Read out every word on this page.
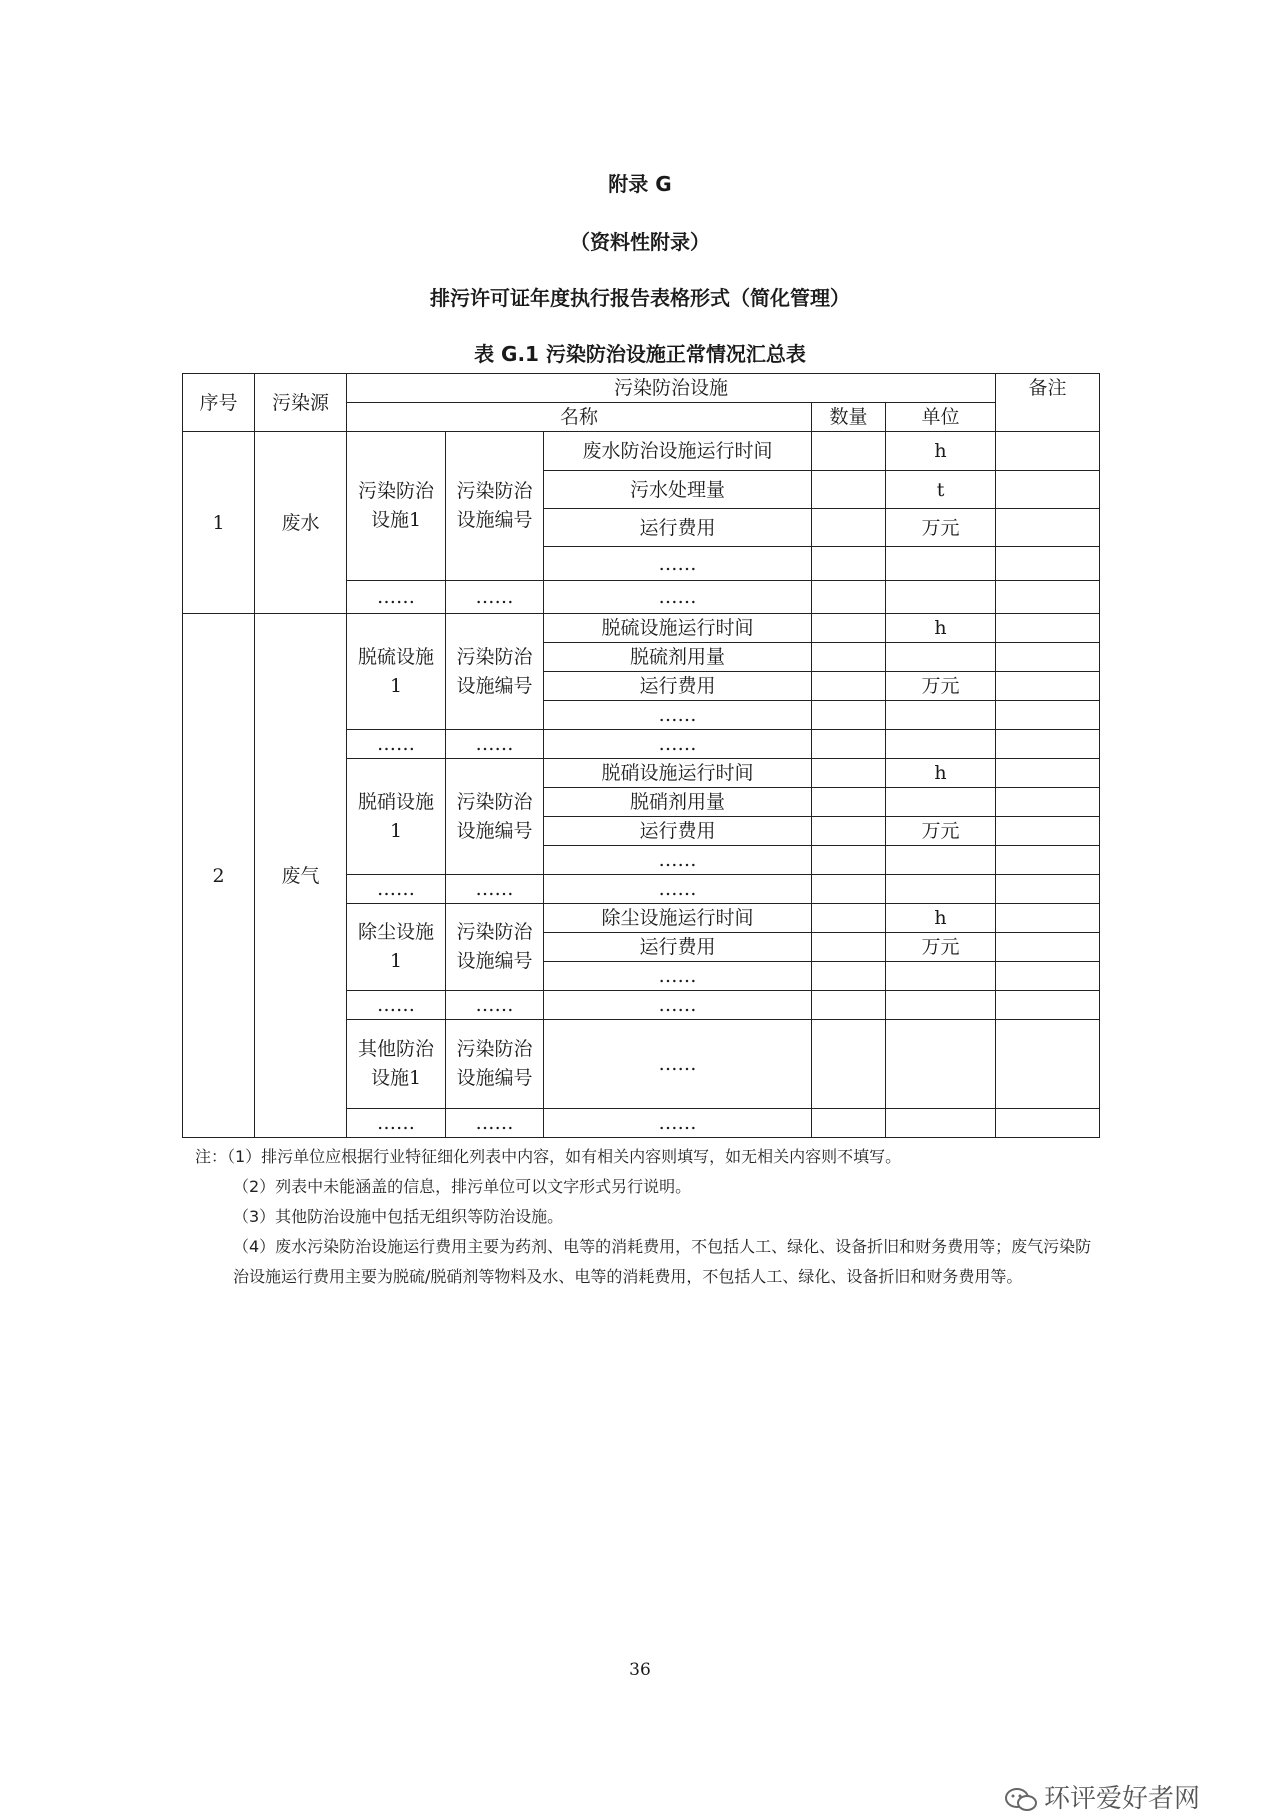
附录 G
（资料性附录）
排污许可证年度执行报告表格形式（简化管理）
表 G.1 污染防治设施正常情况汇总表
序号	污染源	污染防治设施					备注
		名称			数量	单位	
1	废水	污染防治设施1	污染防治设施编号	废水防治设施运行时间		h	
				污水处理量		t	
				运行费用		万元	
				……			
		……	……	……			
2	废气	脱硫设施 1	污染防治设施编号	脱硫设施运行时间		h	
				脱硫剂用量			
				运行费用		万元	
				……			
		……	……	……			
		脱硝设施 1	污染防治设施编号	脱硝设施运行时间		h	
				脱硝剂用量			
				运行费用		万元	
				……			
		……	……	……			
		除尘设施 1	污染防治设施编号	除尘设施运行时间		h	
				运行费用		万元	
				……			
		……	……	……			
		其他防治设施1	污染防治设施编号	……			
		……	……	……			
注：（1）排污单位应根据行业特征细化列表中内容，如有相关内容则填写，如无相关内容则不填写。
（2）列表中未能涵盖的信息，排污单位可以文字形式另行说明。
（3）其他防治设施中包括无组织等防治设施。
（4）废水污染防治设施运行费用主要为药剂、电等的消耗费用，不包括人工、绿化、设备折旧和财务费用等；废气污染防治设施运行费用主要为脱硫/脱硝剂等物料及水、电等的消耗费用，不包括人工、绿化、设备折旧和财务费用等。
36
环评爱好者网
